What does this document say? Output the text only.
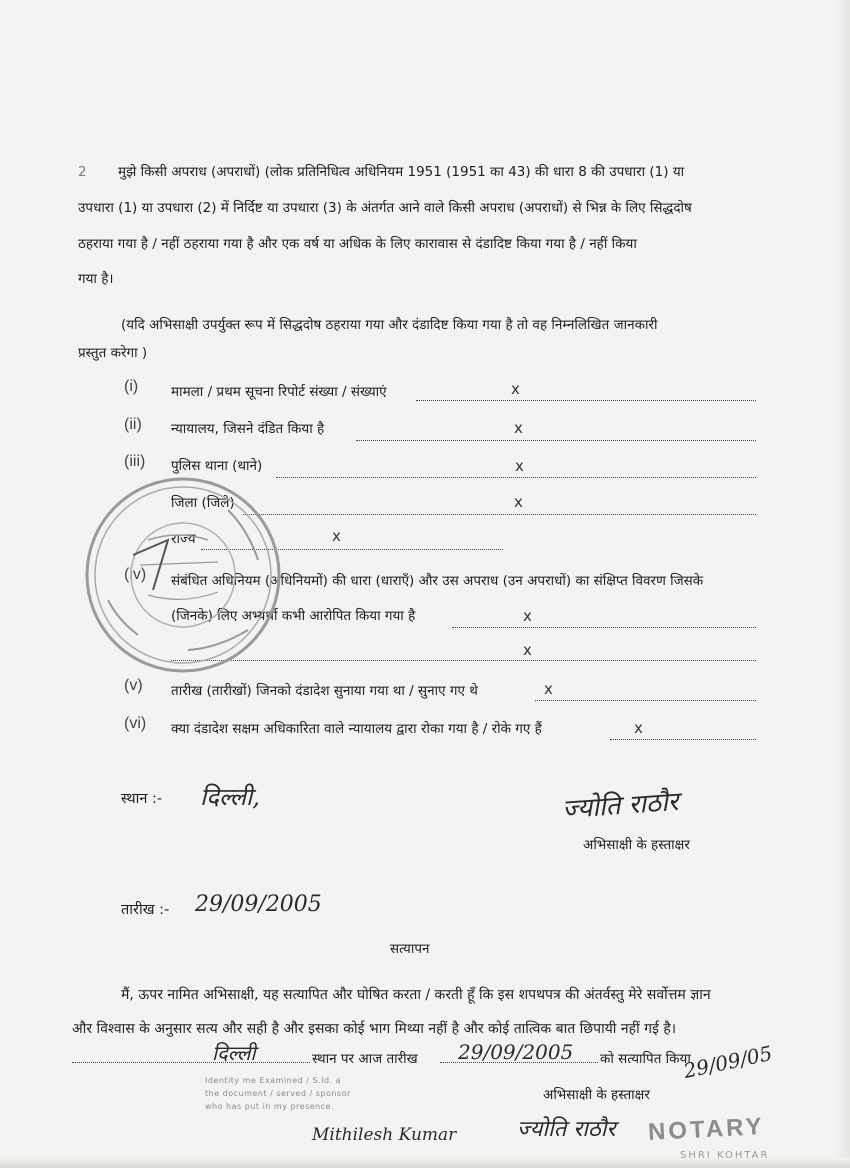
2 मुझे किसी अपराध (अपराधों) (लोक प्रतिनिधित्व अधिनियम 1951 (1951 का 43) की धारा 8 की उपधारा (1) या
उपधारा (1) या उपधारा (2) में निर्दिष्ट या उपधारा (3) के अंतर्गत आने वाले किसी अपराध (अपराधों) से भिन्न के लिए सिद्धदोष
ठहराया गया है / नहीं ठहराया गया है और एक वर्ष या अधिक के लिए कारावास से दंडादिष्ट किया गया है / नहीं किया
गया है।
(यदि अभिसाक्षी उपर्युक्त रूप में सिद्धदोष ठहराया गया और दंडादिष्ट किया गया है तो वह निम्नलिखित जानकारी
प्रस्तुत करेगा )
(i) मामला / प्रथम सूचना रिपोर्ट संख्या / संख्याएं	x
(ii) न्यायालय, जिसने दंडित किया है	x
(iii) पुलिस थाना (थाने)	x
जिला (जिले)	x
राज्य	x
(iv) संबंधित अधिनियम (अधिनियमों) की धारा (धाराएँ) और उस अपराध (उन अपराधों) का संक्षिप्त विवरण जिसके
(जिनके) लिए अभ्यर्थी कभी आरोपित किया गया है	x
x
(v) तारीख (तारीखों) जिनको दंडादेश सुनाया गया था / सुनाए गए थे	x
(vi) क्या दंडादेश सक्षम अधिकारिता वाले न्यायालय द्वारा रोका गया है / रोके गए हैं	x
स्थान :- दिल्ली,	ज्योति राठौर
अभिसाक्षी के हस्ताक्षर
तारीख :- 29/09/2005
सत्यापन
मैं, ऊपर नामित अभिसाक्षी, यह सत्यापित और घोषित करता / करती हूँ कि इस शपथपत्र की अंतर्वस्तु मेरे सर्वोत्तम ज्ञान
और विश्वास के अनुसार सत्य और सही है और इसका कोई भाग मिथ्या नहीं है और कोई तात्विक बात छिपायी नहीं गई है।
दिल्ली	स्थान पर आज तारीख 29/09/2005 को सत्यापित किया
29/09/05
अभिसाक्षी के हस्ताक्षर
ज्योति राठौर
Identity me Examined / S.Id. a
the document / served / sponsor
who has put in my presence.
Mithilesh Kumar	NOTARY
SHRI KOHTAR
